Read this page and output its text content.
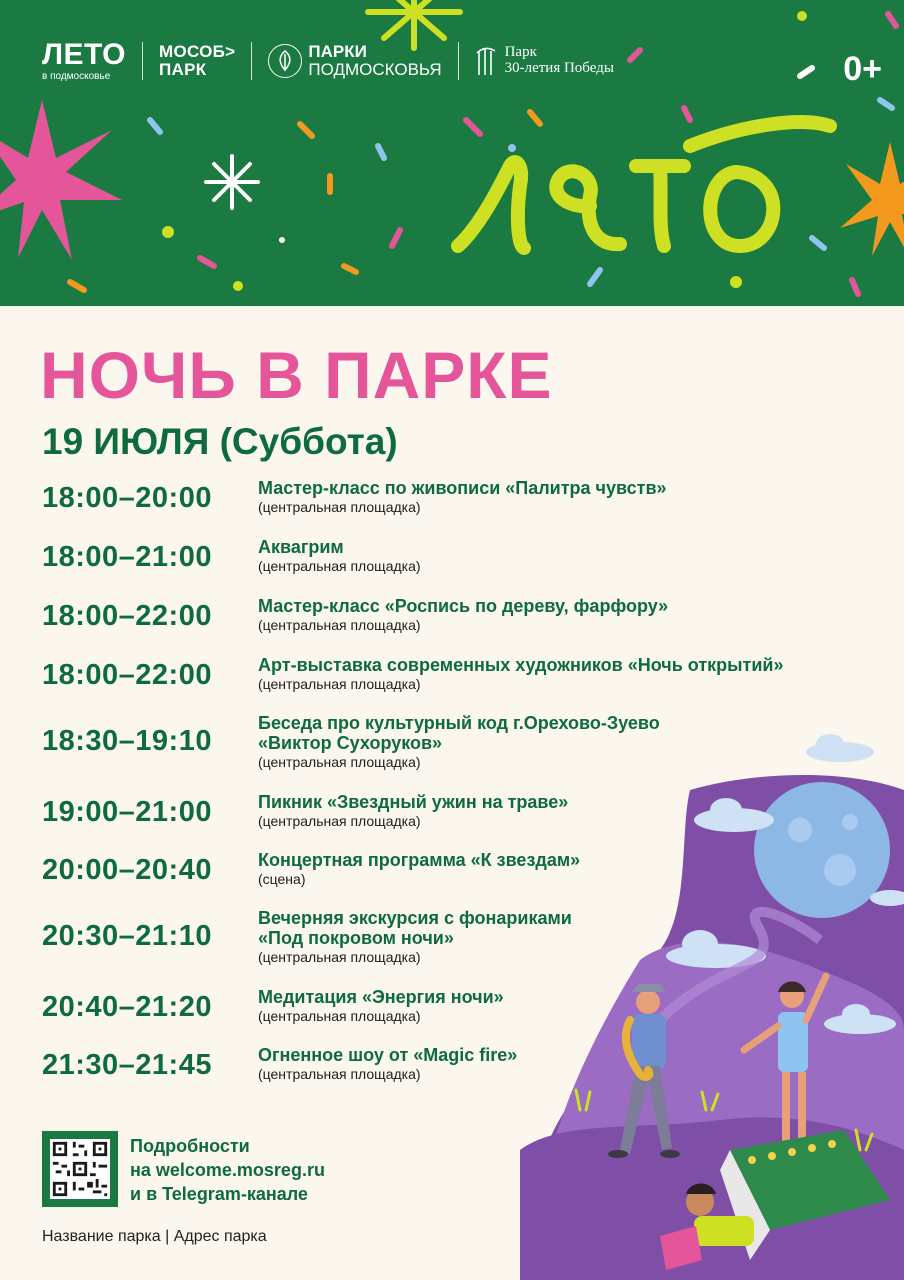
ЛЕТО
в подмосковье
МОСОБ>
ПАРК
ПАРКИ
ПОДМОСКОВЬЯ
Парк
30-летия Победы	0+
НОЧЬ В ПАРКЕ
19 ИЮЛЯ (Суббота)
18:00–20:00	Мастер-класс по живописи «Палитра чувств»
(центральная площадка)
18:00–21:00	Аквагрим
(центральная площадка)
18:00–22:00	Мастер-класс «Роспись по дереву, фарфору»
(центральная площадка)
18:00–22:00	Арт-выставка современных художников «Ночь открытий»
(центральная площадка)
18:30–19:10
Беседа про культурный код г.Орехово-Зуево «Виктор Сухоруков»
(центральная площадка)
19:00–21:00	Пикник «Звездный ужин на траве»
(центральная площадка)
20:00–20:40	Концертная программа «К звездам»
(сцена)
20:30–21:10
Вечерняя экскурсия с фонариками «Под покровом ночи»
(центральная площадка)
20:40–21:20	Медитация «Энергия ночи»
(центральная площадка)
21:30–21:45	Огненное шоу от «Magic fire»
(центральная площадка)
Подробности
на welcome.mosreg.ru
и в Telegram-канале
Название парка | Адрес парка
